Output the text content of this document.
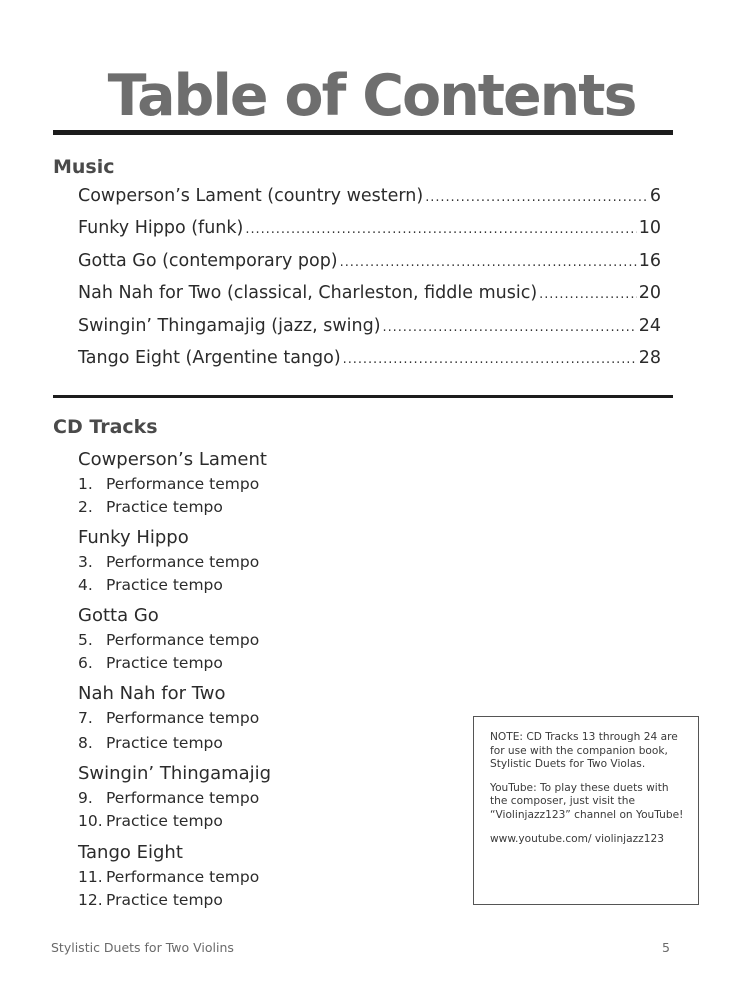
Table of Contents
Music
Cowperson’s Lament (country western) . . .	6
Funky Hippo (funk) . . .	10
Gotta Go (contemporary pop) . . .	16
Nah Nah for Two (classical, Charleston, fiddle music) . . .	20
Swingin’ Thingamajig (jazz, swing) . . .	24
Tango Eight (Argentine tango) . . .	28
CD Tracks
Cowperson’s Lament
1. Performance tempo
2. Practice tempo
Funky Hippo
3. Performance tempo
4. Practice tempo
Gotta Go
5. Performance tempo
6. Practice tempo
Nah Nah for Two
7. Performance tempo
8. Practice tempo
Swingin’ Thingamajig
9. Performance tempo
10. Practice tempo
Tango Eight
11. Performance tempo
12. Practice tempo

NOTE: CD Tracks 13 through 24 are for use with the companion book, Stylistic Duets for Two Violas.

YouTube: To play these duets with the composer, just visit the “Violinjazz123” channel on YouTube!

www.youtube.com/ violinjazz123

Stylistic Duets for Two Violins	5
